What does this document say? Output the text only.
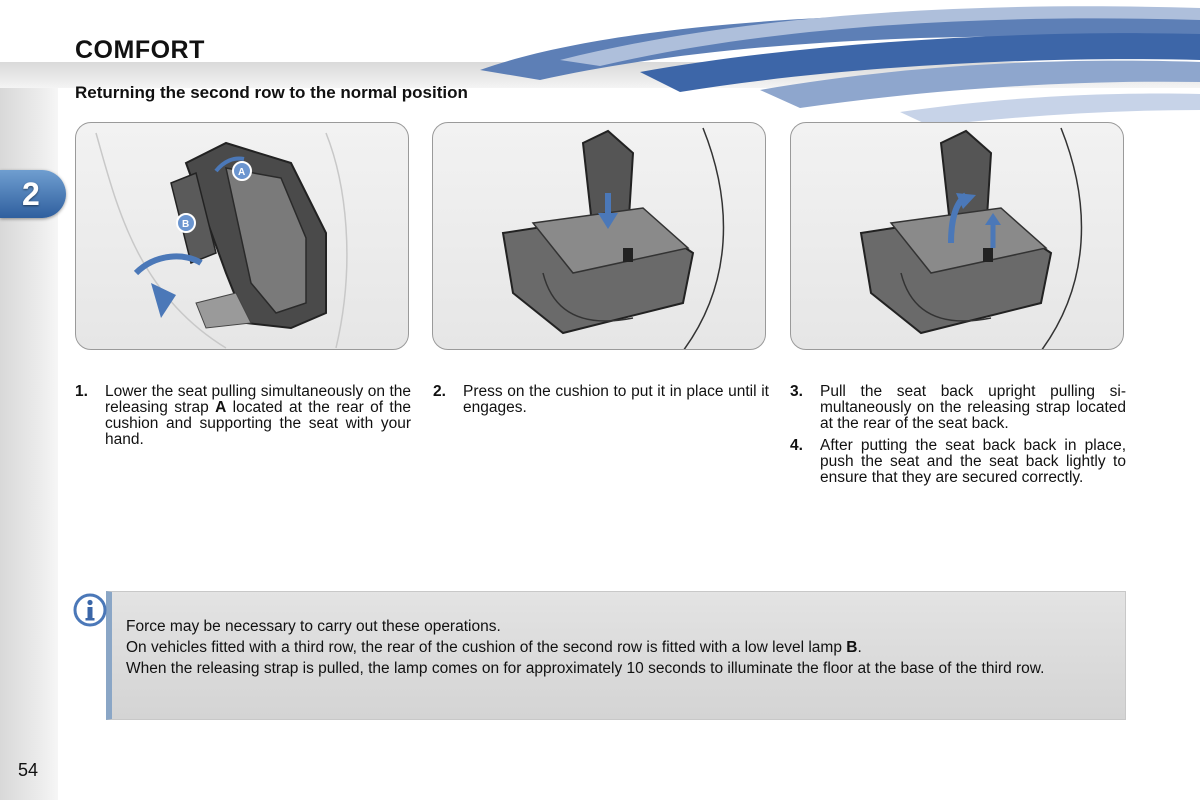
COMFORT
Returning the second row to the normal position
2
A
B
1.	Lower the seat pulling simultaneously on the releasing strap A located at the rear of the cushion and supporting the seat with your hand.
2.	Press on the cushion to put it in place until it engages.
3.	Pull the seat back upright pulling simultaneously on the releasing strap located at the rear of the seat back.
4.	After putting the seat back back in place, push the seat and the seat back lightly to ensure that they are secured correctly.

Force may be necessary to carry out these operations.

On vehicles fitted with a third row, the rear of the cushion of the second row is fitted with a low level lamp B.

When the releasing strap is pulled, the lamp comes on for approximately 10 seconds to illuminate the floor at the base of the third row.

54
